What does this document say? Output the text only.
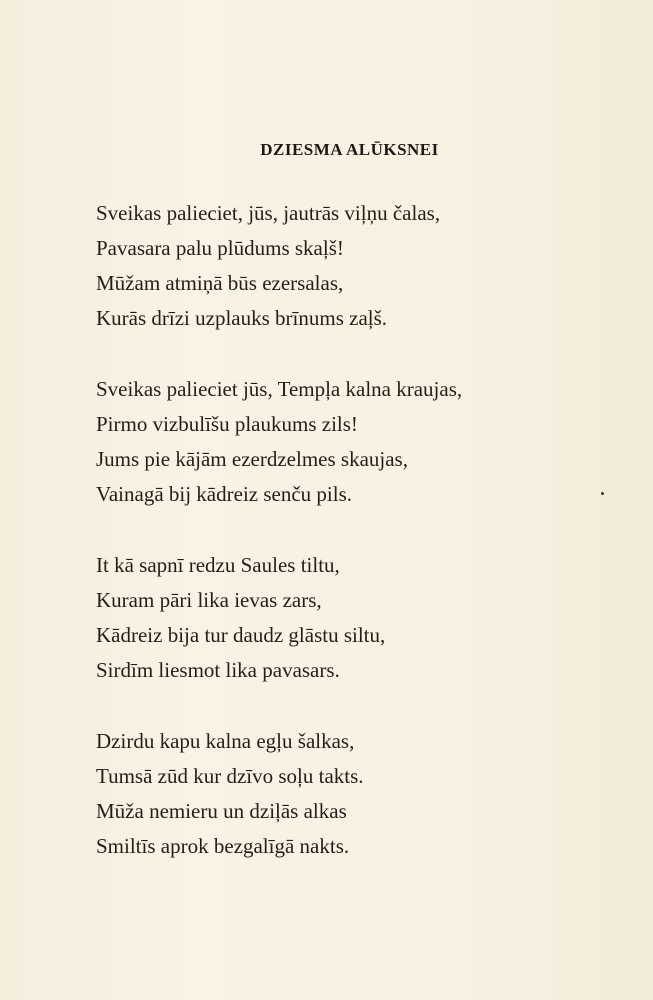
DZIESMA ALŪKSNEI
Sveikas paliеciet, jūs, jautrās viļņu čalas,
Pavasara palu plūdums skaļš!
Mūžam atmiņā būs ezersalas,
Kurās drīzi uzplauks brīnums zaļš.
Sveikas paliеciet jūs, Tempļa kalna kraujas,
Pirmo vizbulīšu plaukums zils!
Jums pie kājām ezerdzelmes skaujas,
Vainagā bij kādreiz senču pils.
It kā sapnī redzu Saules tiltu,
Kuram pāri lika ievas zars,
Kādreiz bija tur daudz glāstu siltu,
Sirdīm liesmot lika pavasars.
Dzirdu kapu kalna egļu šalkas,
Tumsā zūd kur dzīvo soļu takts.
Mūža nemieru un dziļās alkas
Smiltīs aprok bezgalīgā nakts.
